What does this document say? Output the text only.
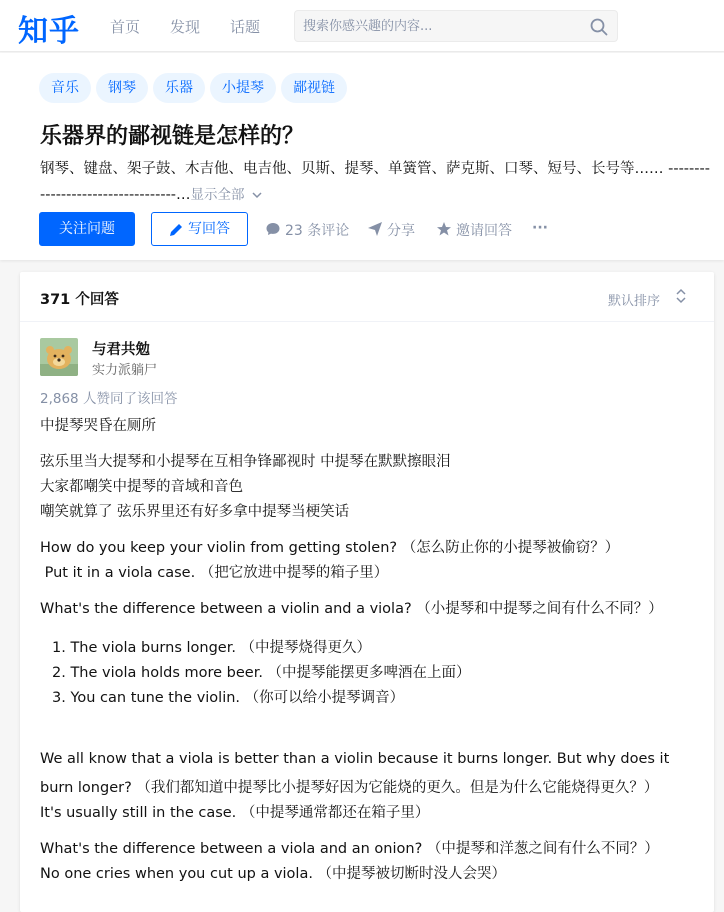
知乎 首页 发现 话题
搜索你感兴趣的内容...
音乐	钢琴	乐器	小提琴	鄙视链
乐器界的鄙视链是怎样的？
钢琴、键盘、架子鼓、木吉他、电吉他、贝斯、提琴、单簧管、萨克斯、口琴、短号、长号等…… ----------------------------------…显示全部
关注问题	写回答	23 条评论	分享	邀请回答 ···
371 个回答	默认排序
与君共勉
实力派躺尸
2,868 人赞同了该回答
中提琴哭昏在厕所
弦乐里当大提琴和小提琴在互相争锋鄙视时 中提琴在默默擦眼泪
大家都嘲笑中提琴的音域和音色
嘲笑就算了 弦乐界里还有好多拿中提琴当梗笑话
How do you keep your violin from getting stolen? （怎么防止你的小提琴被偷窃？）
Put it in a viola case. （把它放进中提琴的箱子里）
What's the difference between a violin and a viola? （小提琴和中提琴之间有什么不同？）
1. The viola burns longer. （中提琴烧得更久）
2. The viola holds more beer. （中提琴能摆更多啤酒在上面）
3. You can tune the violin. （你可以给小提琴调音）
We all know that a viola is better than a violin because it burns longer. But why does it
burn longer? （我们都知道中提琴比小提琴好因为它能烧的更久。但是为什么它能烧得更久？）
It's usually still in the case. （中提琴通常都还在箱子里）
What's the difference between a viola and an onion? （中提琴和洋葱之间有什么不同？）
No one cries when you cut up a viola. （中提琴被切断时没人会哭）
